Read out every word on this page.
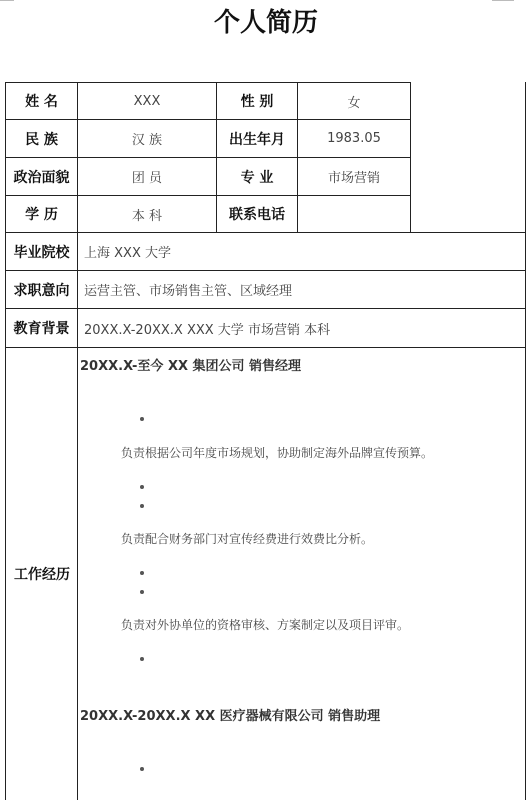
个人简历
姓 名	XXX	性 别	女
民 族	汉 族	出生年月	1983.05
政治面貌	团 员	专 业	市场营销
学 历	本 科	联系电话
毕业院校	上海 XXX 大学
求职意向	运营主管、市场销售主管、区域经理
教育背景	20XX.X-20XX.X XXX 大学 市场营销 本科
工作经历
20XX.X-至今 XX 集团公司 销售经理
负责根据公司年度市场规划，协助制定海外品牌宣传预算。
负责配合财务部门对宣传经费进行效费比分析。
负责对外协单位的资格审核、方案制定以及项目评审。
20XX.X-20XX.X XX 医疗器械有限公司 销售助理
